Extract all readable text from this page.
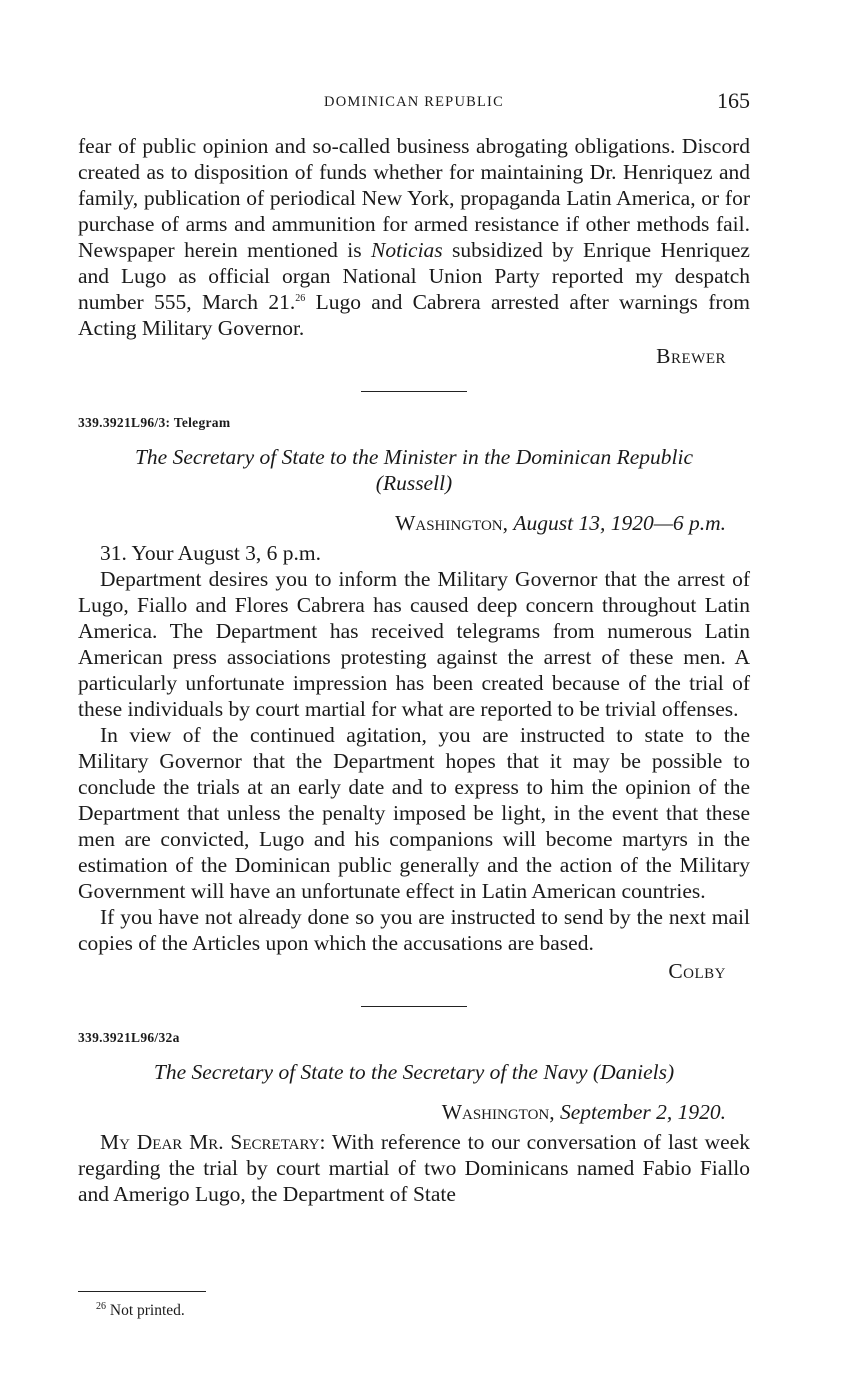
DOMINICAN REPUBLIC	165

fear of public opinion and so-called business abrogating obligations. Discord created as to disposition of funds whether for maintaining Dr. Henriquez and family, publication of periodical New York, propaganda Latin America, or for purchase of arms and ammunition for armed resistance if other methods fail. Newspaper herein mentioned is Noticias subsidized by Enrique Henriquez and Lugo as official organ National Union Party reported my despatch number 555, March 21.26 Lugo and Cabrera arrested after warnings from Acting Military Governor.

Brewer

339.3921L96/3: Telegram
The Secretary of State to the Minister in the Dominican Republic
(Russell)
Washington, August 13, 1920—6 p.m.

31. Your August 3, 6 p.m.

Department desires you to inform the Military Governor that the arrest of Lugo, Fiallo and Flores Cabrera has caused deep concern throughout Latin America. The Department has received telegrams from numerous Latin American press associations protesting against the arrest of these men. A particularly unfortunate impression has been created because of the trial of these individuals by court martial for what are reported to be trivial offenses.

In view of the continued agitation, you are instructed to state to the Military Governor that the Department hopes that it may be possible to conclude the trials at an early date and to express to him the opinion of the Department that unless the penalty imposed be light, in the event that these men are convicted, Lugo and his companions will become martyrs in the estimation of the Dominican public generally and the action of the Military Government will have an unfortunate effect in Latin American countries.

If you have not already done so you are instructed to send by the next mail copies of the Articles upon which the accusations are based.

Colby

339.3921L96/32a
The Secretary of State to the Secretary of the Navy (Daniels)
Washington, September 2, 1920.

My Dear Mr. Secretary: With reference to our conversation of last week regarding the trial by court martial of two Dominicans named Fabio Fiallo and Amerigo Lugo, the Department of State

$^{26}$ Not printed.
